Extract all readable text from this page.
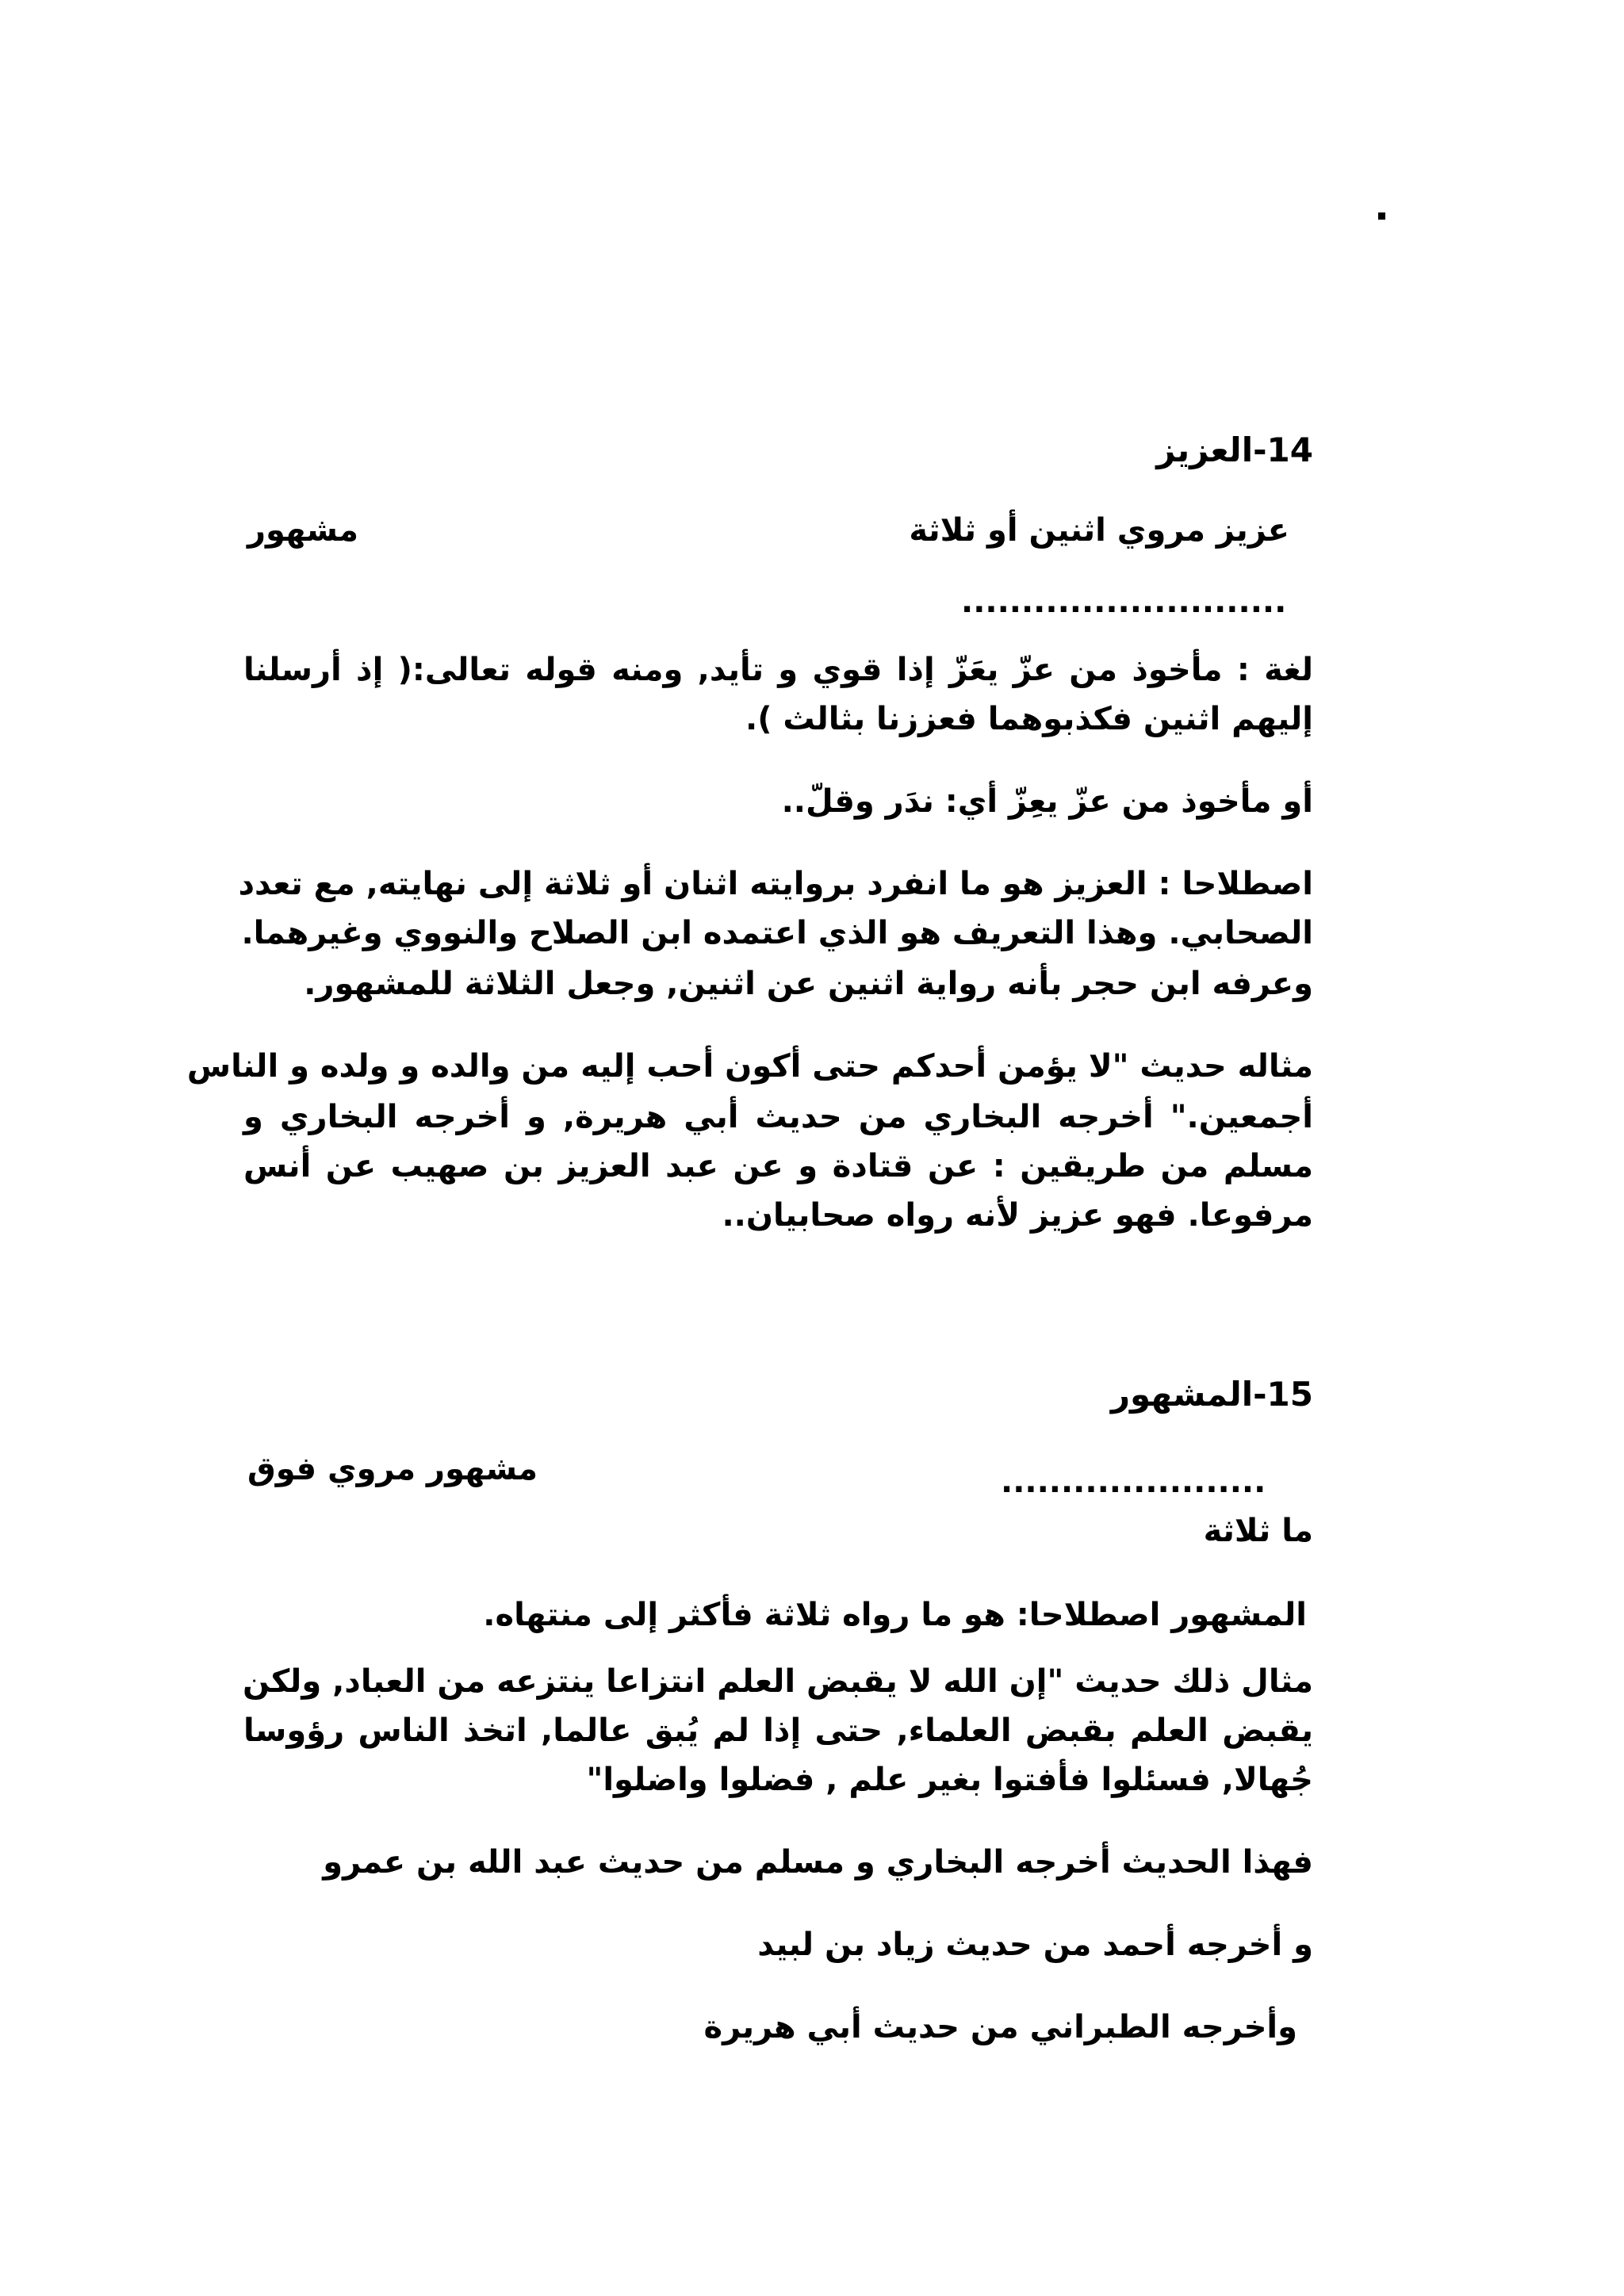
14-العزيز
عزيز مروي اثنين أو ثلاثة
مشهور
...........................
لغة : مأخوذ من عزّ يعَزّ إذا قوي و تأيد, ومنه قوله تعالى:( إذ أرسلنا
إليهم اثنين فكذبوهما فعززنا بثالث ).
أو مأخوذ من عزّ يعِزّ أي: ندَر وقلّ..
اصطلاحا : العزيز هو ما انفرد بروايته اثنان أو ثلاثة إلى نهايته, مع تعدد
الصحابي. وهذا التعريف هو الذي اعتمده ابن الصلاح والنووي وغيرهما.
وعرفه ابن حجر بأنه رواية اثنين عن اثنين, وجعل الثلاثة للمشهور.
مثاله حديث "لا يؤمن أحدكم حتى أكون أحب إليه من والده و ولده و الناس
أجمعين." أخرجه البخاري من حديث أبي هريرة, و أخرجه البخاري و
مسلم من طريقين : عن قتادة و عن عبد العزيز بن صهيب عن أنس
مرفوعا. فهو عزيز لأنه رواه صحابيان..
15-المشهور
مشهور مروي فوق	......................
ما ثلاثة
المشهور اصطلاحا: هو ما رواه ثلاثة فأكثر إلى منتهاه.
مثال ذلك حديث "إن الله لا يقبض العلم انتزاعا ينتزعه من العباد, ولكن
يقبض العلم بقبض العلماء, حتى إذا لم يُبق عالما, اتخذ الناس رؤوسا
جُهالا, فسئلوا فأفتوا بغير علم , فضلوا واضلوا"
فهذا الحديث أخرجه البخاري و مسلم من حديث عبد الله بن عمرو
و أخرجه أحمد من حديث زياد بن لبيد
وأخرجه الطبراني من حديث أبي هريرة
